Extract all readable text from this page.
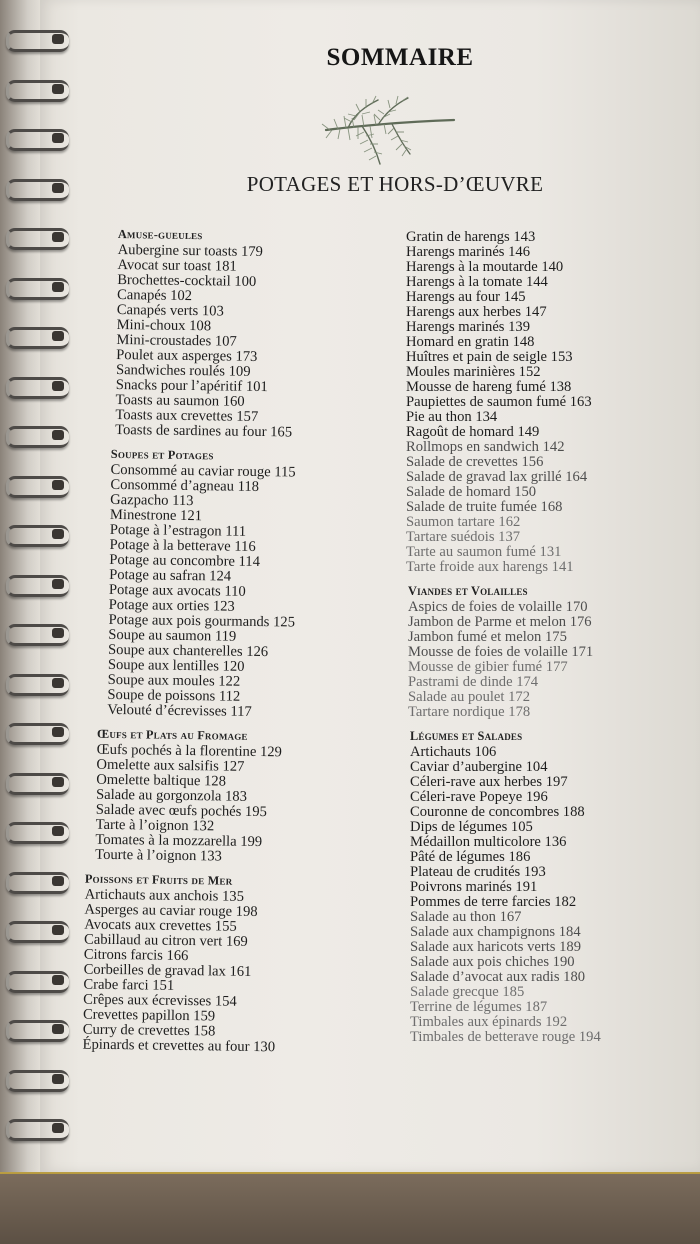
SOMMAIRE
POTAGES ET HORS-D’ŒUVRE
Amuse-gueules
Aubergine sur toasts 179
Avocat sur toast 181
Brochettes-cocktail 100
Canapés 102
Canapés verts 103
Mini-choux 108
Mini-croustades 107
Poulet aux asperges 173
Sandwiches roulés 109
Snacks pour l’apéritif 101
Toasts au saumon 160
Toasts aux crevettes 157
Toasts de sardines au four 165
Soupes et Potages
Consommé au caviar rouge 115
Consommé d’agneau 118
Gazpacho 113
Minestrone 121
Potage à l’estragon 111
Potage à la betterave 116
Potage au concombre 114
Potage au safran 124
Potage aux avocats 110
Potage aux orties 123
Potage aux pois gourmands 125
Soupe au saumon 119
Soupe aux chanterelles 126
Soupe aux lentilles 120
Soupe aux moules 122
Soupe de poissons 112
Velouté d’écrevisses 117
Œufs et Plats au Fromage
Œufs pochés à la florentine 129
Omelette aux salsifis 127
Omelette baltique 128
Salade au gorgonzola 183
Salade avec œufs pochés 195
Tarte à l’oignon 132
Tomates à la mozzarella 199
Tourte à l’oignon 133
Poissons et Fruits de Mer
Artichauts aux anchois 135
Asperges au caviar rouge 198
Avocats aux crevettes 155
Cabillaud au citron vert 169
Citrons farcis 166
Corbeilles de gravad lax 161
Crabe farci 151
Crêpes aux écrevisses 154
Crevettes papillon 159
Curry de crevettes 158
Épinards et crevettes au four 130
Gratin de harengs 143
Harengs marinés 146
Harengs à la moutarde 140
Harengs à la tomate 144
Harengs au four 145
Harengs aux herbes 147
Harengs marinés 139
Homard en gratin 148
Huîtres et pain de seigle 153
Moules marinières 152
Mousse de hareng fumé 138
Paupiettes de saumon fumé 163
Pie au thon 134
Ragoût de homard 149
Rollmops en sandwich 142
Salade de crevettes 156
Salade de gravad lax grillé 164
Salade de homard 150
Salade de truite fumée 168
Saumon tartare 162
Tartare suédois 137
Tarte au saumon fumé 131
Tarte froide aux harengs 141
Viandes et Volailles
Aspics de foies de volaille 170
Jambon de Parme et melon 176
Jambon fumé et melon 175
Mousse de foies de volaille 171
Mousse de gibier fumé 177
Pastrami de dinde 174
Salade au poulet 172
Tartare nordique 178
Légumes et Salades
Artichauts 106
Caviar d’aubergine 104
Céleri-rave aux herbes 197
Céleri-rave Popeye 196
Couronne de concombres 188
Dips de légumes 105
Médaillon multicolore 136
Pâté de légumes 186
Plateau de crudités 193
Poivrons marinés 191
Pommes de terre farcies 182
Salade au thon 167
Salade aux champignons 184
Salade aux haricots verts 189
Salade aux pois chiches 190
Salade d’avocat aux radis 180
Salade grecque 185
Terrine de légumes 187
Timbales aux épinards 192
Timbales de betterave rouge 194
